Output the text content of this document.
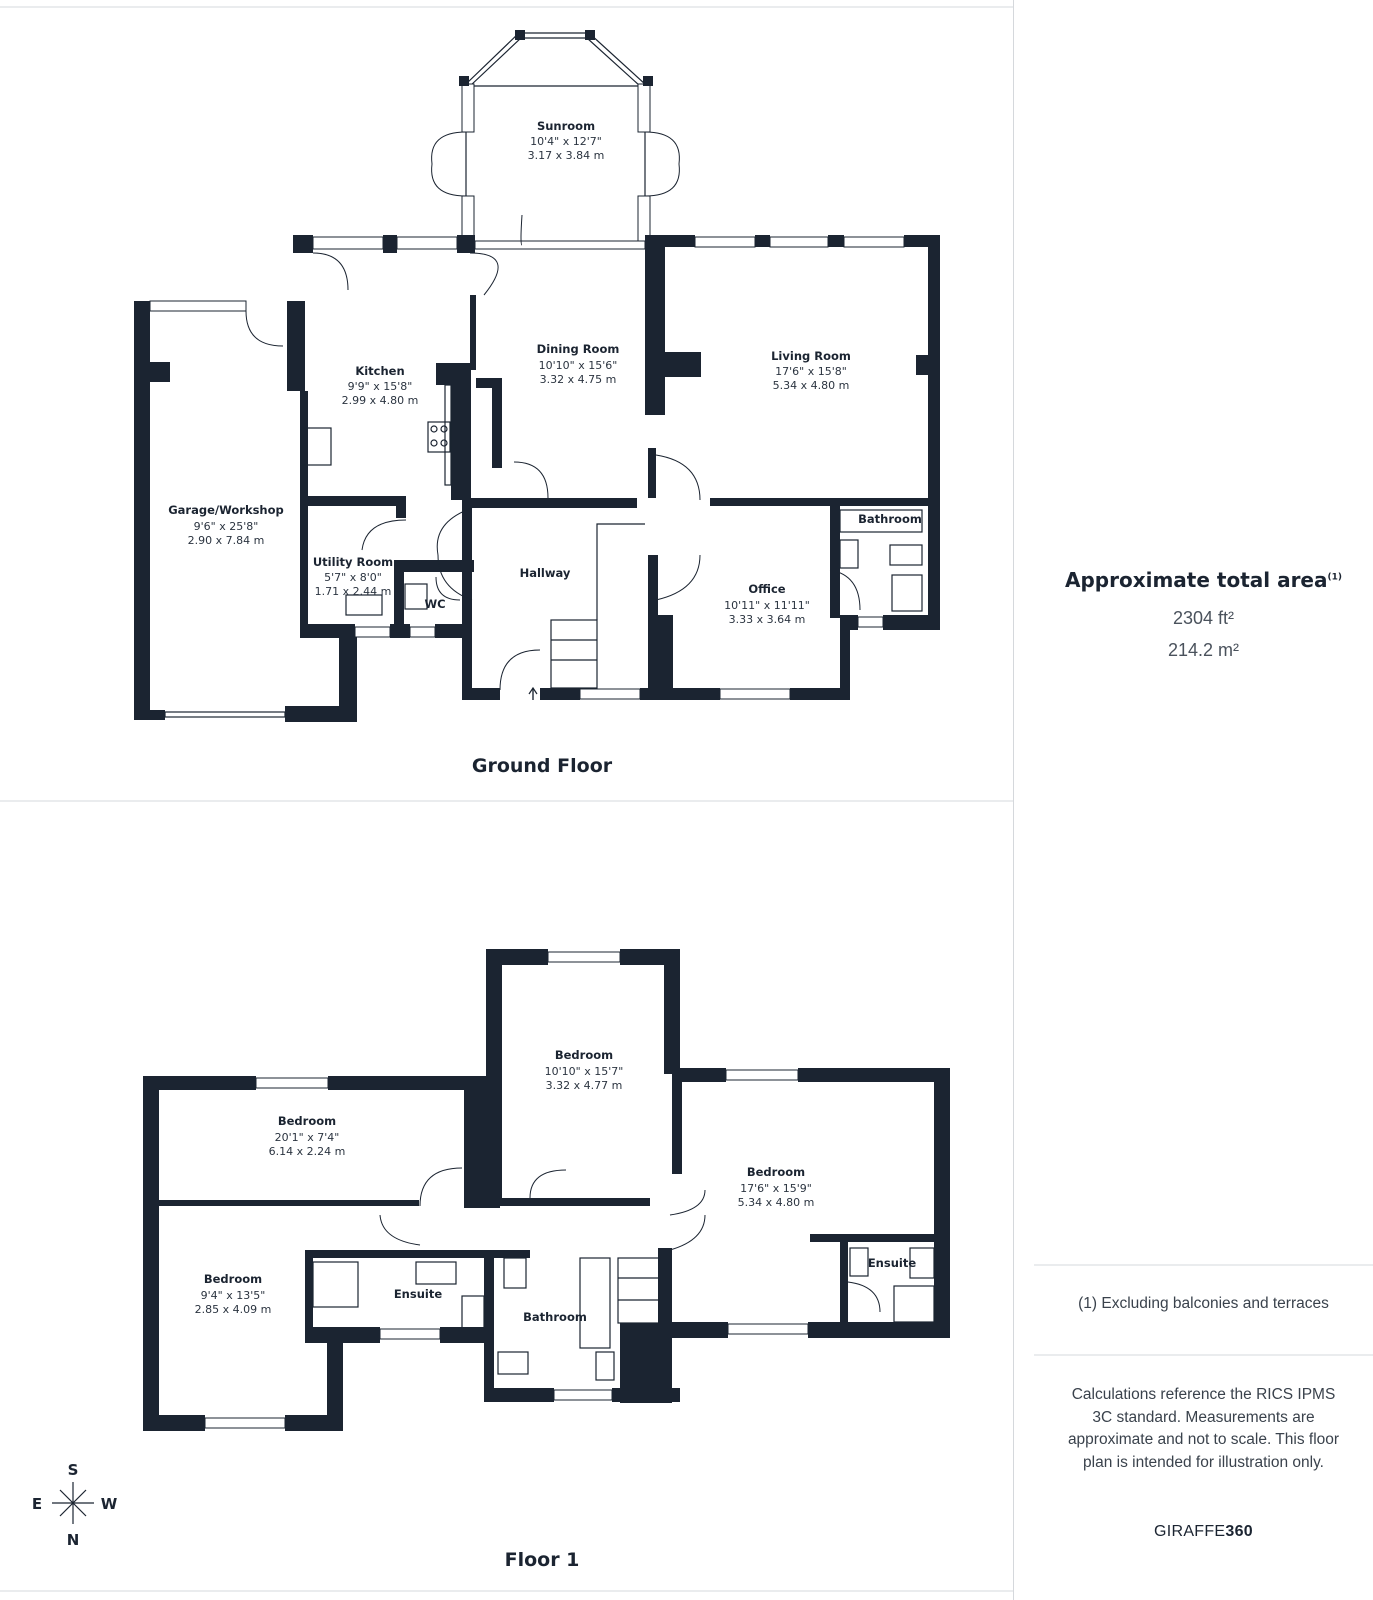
Sunroom
10'4" x 12'7"
3.17 x 3.84 m
Kitchen
9'9" x 15'8"
2.99 x 4.80 m
Dining Room
10'10" x 15'6"
3.32 x 4.75 m
Living Room
17'6" x 15'8"
5.34 x 4.80 m
Garage/Workshop
9'6" x 25'8"
2.90 x 7.84 m
Utility Room
5'7" x 8'0"
1.71 x 2.44 m
Hallway
WC
Office
10'11" x 11'11"
3.33 x 3.64 m
Bathroom
Ground Floor
Bedroom
10'10" x 15'7"
3.32 x 4.77 m
Bedroom
20'1" x 7'4"
6.14 x 2.24 m
Bedroom
17'6" x 15'9"
5.34 x 4.80 m
Bedroom
9'4" x 13'5"
2.85 x 4.09 m
Ensuite
Ensuite
Bathroom
Floor 1
S
N
E	W
Approximate total area$^{(1)}$
2304 ft²
214.2 m²
(1) Excluding balconies and terraces
Calculations reference the RICS IPMS 3C standard. Measurements are approximate and not to scale. This floor plan is intended for illustration only.
GIRAFFE360
